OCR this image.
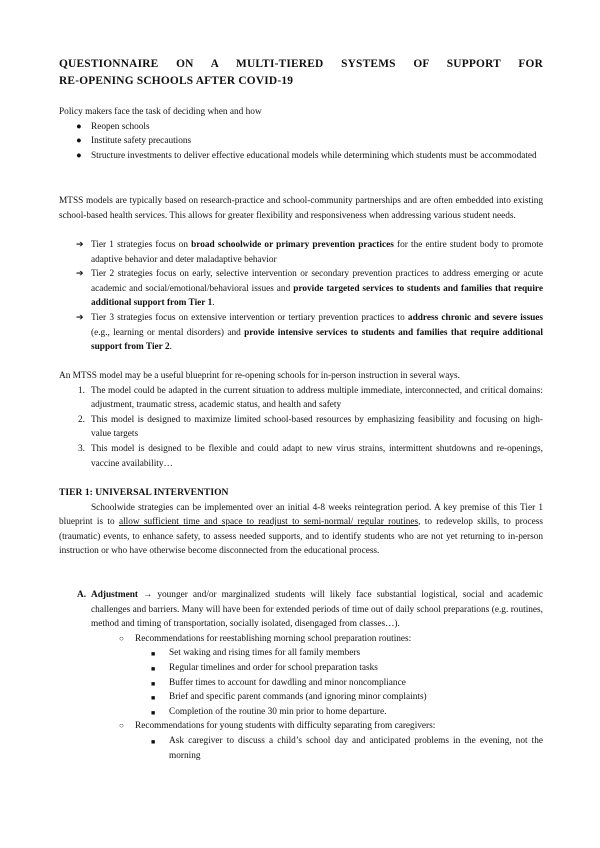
QUESTIONNAIRE ON A MULTI-TIERED SYSTEMS OF SUPPORT FOR
RE-OPENING SCHOOLS AFTER COVID-19
Policy makers face the task of deciding when and how
● Reopen schools
● Institute safety precautions
● Structure investments to deliver effective educational models while determining which students must be accommodated
MTSS models are typically based on research-practice and school-community partnerships and are often embedded into existing school-based health services. This allows for greater flexibility and responsiveness when addressing various student needs.
➔ Tier 1 strategies focus on broad schoolwide or primary prevention practices for the entire student body to promote adaptive behavior and deter maladaptive behavior
➔ Tier 2 strategies focus on early, selective intervention or secondary prevention practices to address emerging or acute academic and social/emotional/behavioral issues and provide targeted services to students and families that require additional support from Tier 1.
➔ Tier 3 strategies focus on extensive intervention or tertiary prevention practices to address chronic and severe issues (e.g., learning or mental disorders) and provide intensive services to students and families that require additional support from Tier 2.
An MTSS model may be a useful blueprint for re-opening schools for in-person instruction in several ways.
1. The model could be adapted in the current situation to address multiple immediate, interconnected, and critical domains: adjustment, traumatic stress, academic status, and health and safety
2. This model is designed to maximize limited school-based resources by emphasizing feasibility and focusing on high-value targets
3. This model is designed to be flexible and could adapt to new virus strains, intermittent shutdowns and re-openings, vaccine availability…
TIER 1: UNIVERSAL INTERVENTION
Schoolwide strategies can be implemented over an initial 4-8 weeks reintegration period. A key premise of this Tier 1 blueprint is to allow sufficient time and space to readjust to semi-normal/ regular routines, to redevelop skills, to process (traumatic) events, to enhance safety, to assess needed supports, and to identify students who are not yet returning to in-person instruction or who have otherwise become disconnected from the educational process.
A. Adjustment → younger and/or marginalized students will likely face substantial logistical, social and academic challenges and barriers. Many will have been for extended periods of time out of daily school preparations (e.g. routines, method and timing of transportation, socially isolated, disengaged from classes…).
○ Recommendations for reestablishing morning school preparation routines:
■ Set waking and rising times for all family members
■ Regular timelines and order for school preparation tasks
■ Buffer times to account for dawdling and minor noncompliance
■ Brief and specific parent commands (and ignoring minor complaints)
■ Completion of the routine 30 min prior to home departure.
○ Recommendations for young students with difficulty separating from caregivers:
■ Ask caregiver to discuss a child’s school day and anticipated problems in the evening, not the morning
